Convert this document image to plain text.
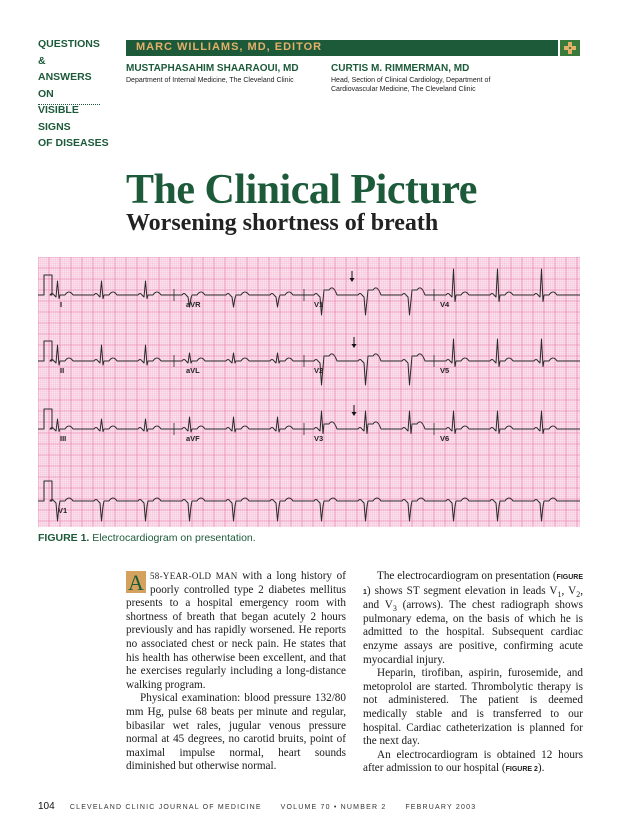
QUESTIONS &
ANSWERS ON
VISIBLE SIGNS
OF DISEASES
MARC WILLIAMS, MD, EDITOR
MUSTAPHASAHIM SHAARAOUI, MD
Department of Internal Medicine, The Cleveland Clinic
CURTIS M. RIMMERMAN, MD
Head, Section of Clinical Cardiology, Department of
Cardiovascular Medicine, The Cleveland Clinic
The Clinical Picture
Worsening shortness of breath
I	aVR	V1	V4
II	aVL	V2	V5
III	aVF	V3	V6
V1
FIGURE 1. Electrocardiogram on presentation.

A 58-YEAR-OLD MAN with a long history of poorly controlled type 2 diabetes mellitus presents to a hospital emergency room with shortness of breath that began acutely 2 hours previously and has rapidly worsened. He reports no associated chest or neck pain. He states that his health has otherwise been excellent, and that he exercises regularly including a long-distance walking program.

Physical examination: blood pressure 132/80 mm Hg, pulse 68 beats per minute and regular, bibasilar wet rales, jugular venous pressure normal at 45 degrees, no carotid bruits, point of maximal impulse normal, heart sounds diminished but otherwise normal.

The electrocardiogram on presentation (FIGURE 1) shows ST segment elevation in leads $V_1$, $V_2$, and $V_3$ (arrows). The chest radiograph shows pulmonary edema, on the basis of which he is admitted to the hospital. Subsequent cardiac enzyme assays are positive, confirming acute myocardial injury.

Heparin, tirofiban, aspirin, furosemide, and metoprolol are started. Thrombolytic therapy is not administered. The patient is deemed medically stable and is transferred to our hospital. Cardiac catheterization is planned for the next day.

An electrocardiogram is obtained 12 hours after admission to our hospital (FIGURE 2).

104 CLEVELAND CLINIC JOURNAL OF MEDICINE	VOLUME 70 • NUMBER 2	FEBRUARY 2003
